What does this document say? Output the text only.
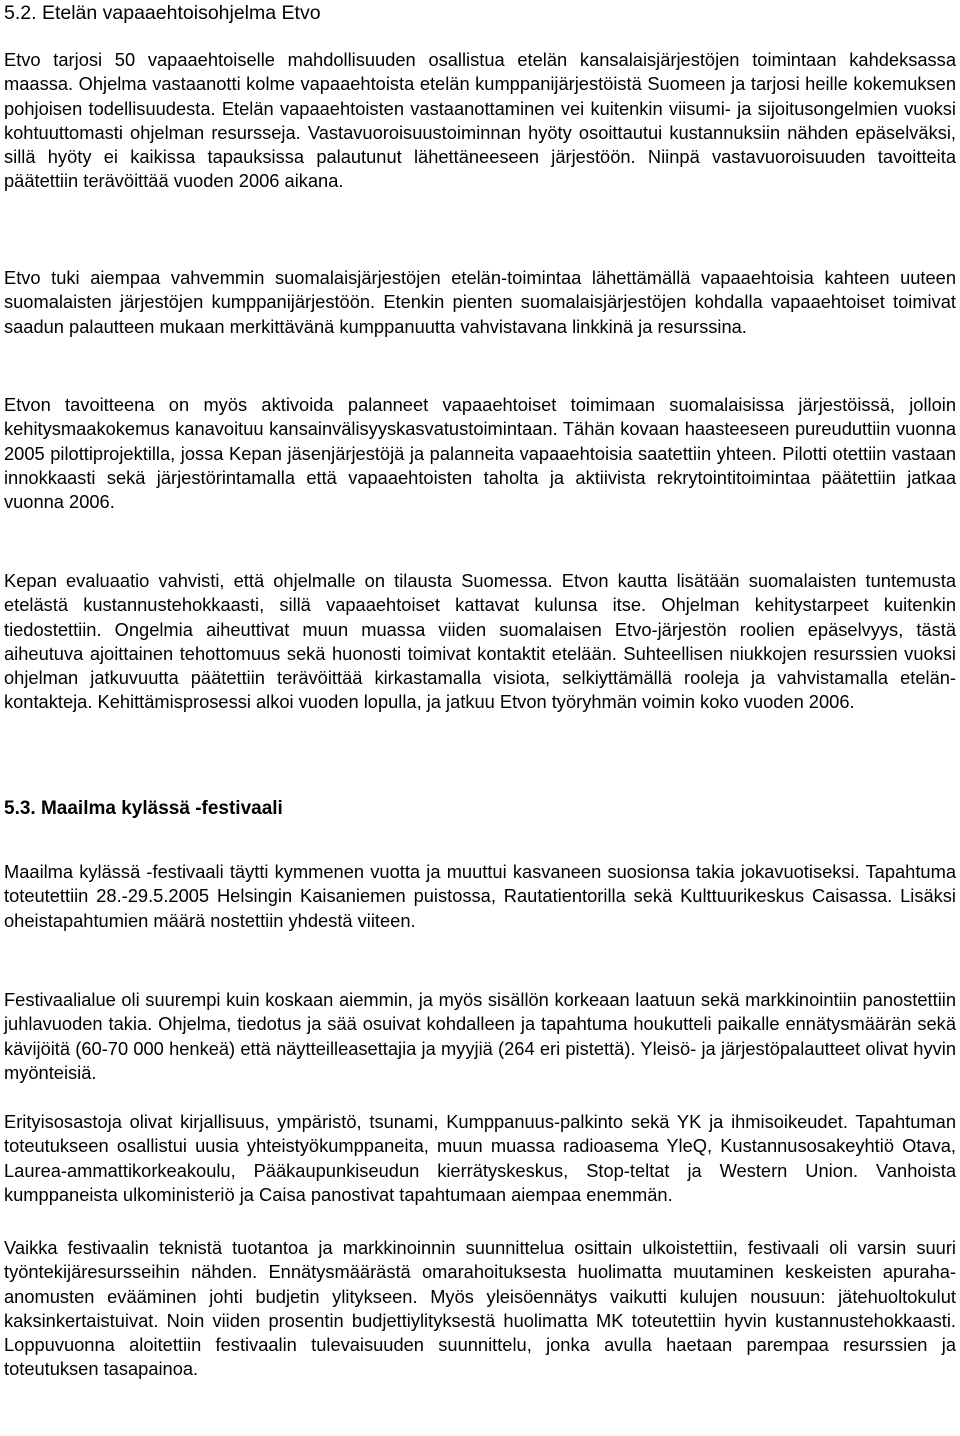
5.2. Etelän vapaaehtoisohjelma Etvo

Etvo tarjosi 50 vapaaehtoiselle mahdollisuuden osallistua etelän kansalaisjärjestöjen toimintaan kahdeksassa maassa. Ohjelma vastaanotti kolme vapaaehtoista etelän kumppanijärjestöistä Suomeen ja tarjosi heille kokemuksen pohjoisen todellisuudesta. Etelän vapaaehtoisten vastaanottaminen vei kuitenkin viisumi- ja sijoitusongelmien vuoksi kohtuuttomasti ohjelman resursseja. Vastavuoroisuustoiminnan hyöty osoittautui kustannuksiin nähden epäselväksi, sillä hyöty ei kaikissa tapauksissa palautunut lähettäneeseen järjestöön. Niinpä vastavuoroisuuden tavoitteita päätettiin terävöittää vuoden 2006 aikana.

Etvo tuki aiempaa vahvemmin suomalaisjärjestöjen etelän-toimintaa lähettämällä vapaaehtoisia kahteen uuteen suomalaisten järjestöjen kumppanijärjestöön. Etenkin pienten suomalaisjärjestöjen kohdalla vapaaehtoiset toimivat saadun palautteen mukaan merkittävänä kumppanuutta vahvistavana linkkinä ja resurssina.

Etvon tavoitteena on myös aktivoida palanneet vapaaehtoiset toimimaan suomalaisissa järjestöissä, jolloin kehitysmaakokemus kanavoituu kansainvälisyyskasvatustoimintaan. Tähän kovaan haasteeseen pureuduttiin vuonna 2005 pilottiprojektilla, jossa Kepan jäsenjärjestöjä ja palanneita vapaaehtoisia saatettiin yhteen. Pilotti otettiin vastaan innokkaasti sekä järjestörintamalla että vapaaehtoisten taholta ja aktiivista rekrytointitoimintaa päätettiin jatkaa vuonna 2006.

Kepan evaluaatio vahvisti, että ohjelmalle on tilausta Suomessa. Etvon kautta lisätään suomalaisten tuntemusta etelästä kustannustehokkaasti, sillä vapaaehtoiset kattavat kulunsa itse. Ohjelman kehitystarpeet kuitenkin tiedostettiin. Ongelmia aiheuttivat muun muassa viiden suomalaisen Etvo-järjestön roolien epäselvyys, tästä aiheutuva ajoittainen tehottomuus sekä huonosti toimivat kontaktit etelään. Suhteellisen niukkojen resurssien vuoksi ohjelman jatkuvuutta päätettiin terävöittää kirkastamalla visiota, selkiyttämällä rooleja ja vahvistamalla etelän-kontakteja. Kehittämisprosessi alkoi vuoden lopulla, ja jatkuu Etvon työryhmän voimin koko vuoden 2006.

5.3. Maailma kylässä -festivaali

Maailma kylässä -festivaali täytti kymmenen vuotta ja muuttui kasvaneen suosionsa takia jokavuotiseksi. Tapahtuma toteutettiin 28.-29.5.2005 Helsingin Kaisaniemen puistossa, Rautatientorilla sekä Kulttuurikeskus Caisassa. Lisäksi oheistapahtumien määrä nostettiin yhdestä viiteen.

Festivaalialue oli suurempi kuin koskaan aiemmin, ja myös sisällön korkeaan laatuun sekä markkinointiin panostettiin juhlavuoden takia. Ohjelma, tiedotus ja sää osuivat kohdalleen ja tapahtuma houkutteli paikalle ennätysmäärän sekä kävijöitä (60-70 000 henkeä) että näytteilleasettajia ja myyjiä (264 eri pistettä). Yleisö- ja järjestöpalautteet olivat hyvin myönteisiä.

Erityisosastoja olivat kirjallisuus, ympäristö, tsunami, Kumppanuus-palkinto sekä YK ja ihmisoikeudet. Tapahtuman toteutukseen osallistui uusia yhteistyökumppaneita, muun muassa radioasema YleQ, Kustannusosakeyhtiö Otava, Laurea-ammattikorkeakoulu, Pääkaupunkiseudun kierrätyskeskus, Stop-teltat ja Western Union. Vanhoista kumppaneista ulkoministeriö ja Caisa panostivat tapahtumaan aiempaa enemmän.

Vaikka festivaalin teknistä tuotantoa ja markkinoinnin suunnittelua osittain ulkoistettiin, festivaali oli varsin suuri työntekijäresursseihin nähden. Ennätysmäärästä omarahoituksesta huolimatta muutaminen keskeisten apuraha-anomusten evääminen johti budjetin ylitykseen. Myös yleisöennätys vaikutti kulujen nousuun: jätehuoltokulut kaksinkertaistuivat. Noin viiden prosentin budjettiylityksestä huolimatta MK toteutettiin hyvin kustannustehokkaasti. Loppuvuonna aloitettiin festivaalin tulevaisuuden suunnittelu, jonka avulla haetaan parempaa resurssien ja toteutuksen tasapainoa.
